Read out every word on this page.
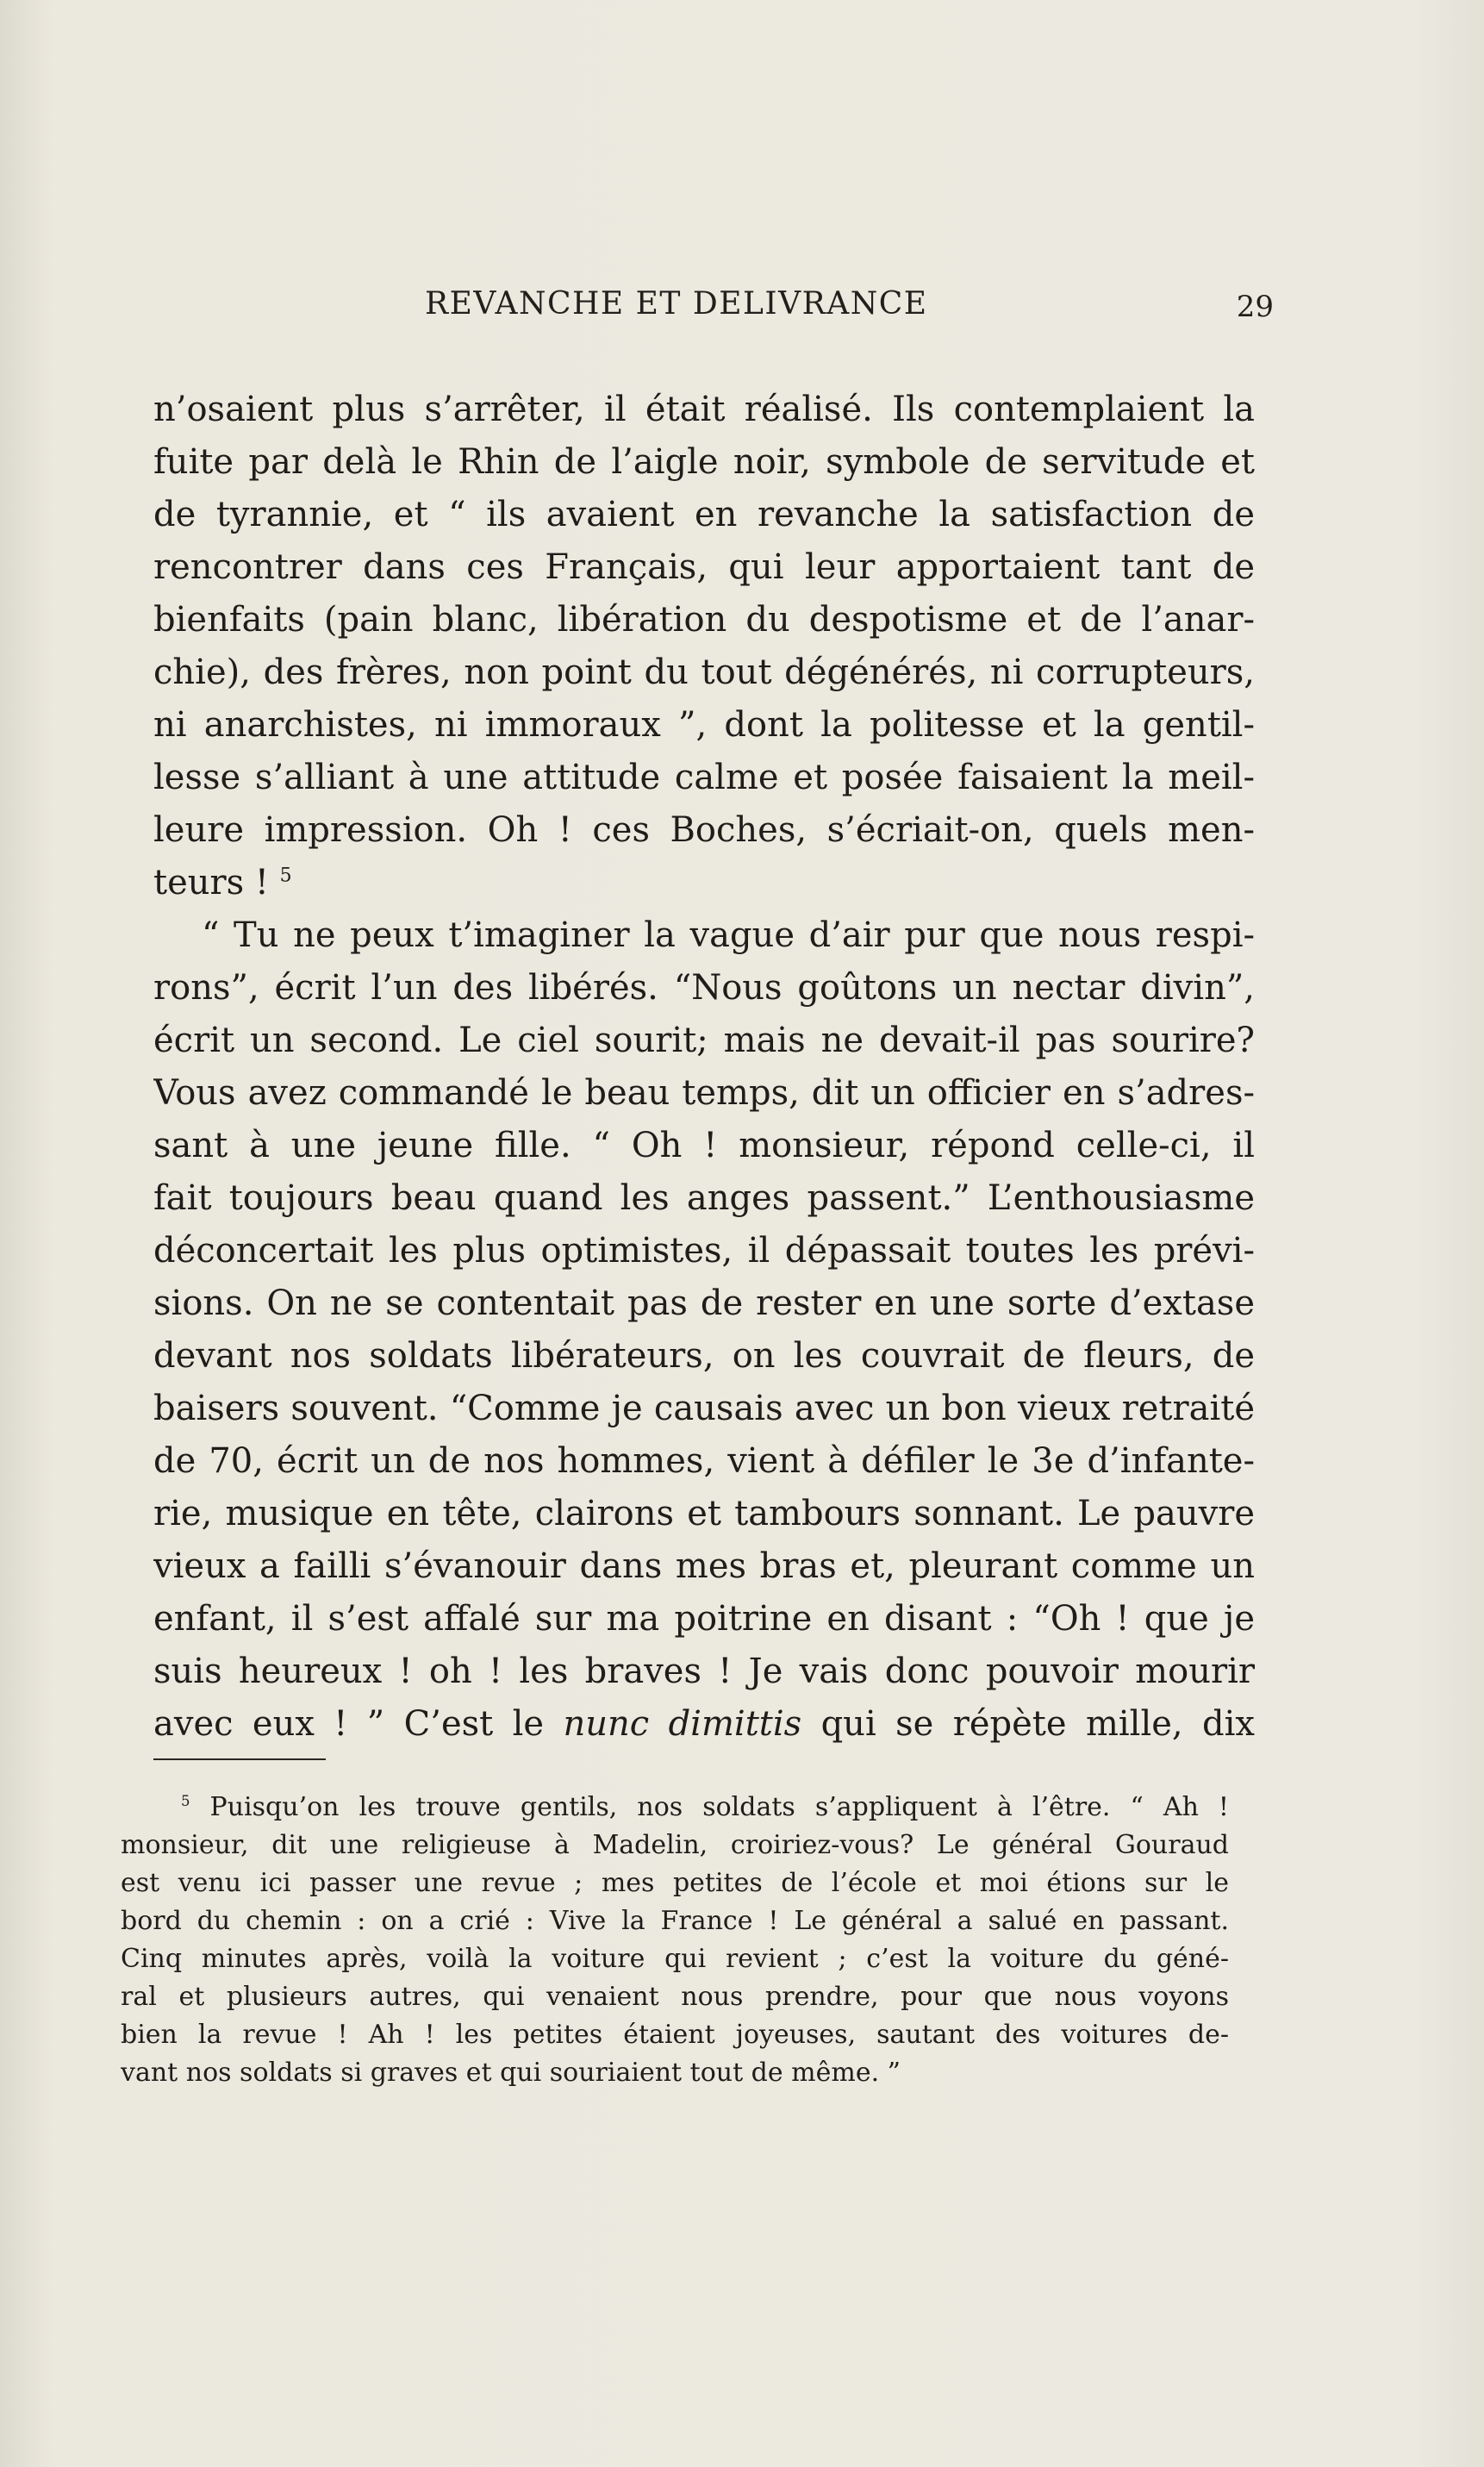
REVANCHE ET DELIVRANCE	29
n’osaient plus s’arrêter, il était réalisé. Ils contemplaient la
fuite par delà le Rhin de l’aigle noir, symbole de servitude et
de tyrannie, et “ ils avaient en revanche la satisfaction de
rencontrer dans ces Français, qui leur apportaient tant de
bienfaits (pain blanc, libération du despotisme et de l’anar-
chie), des frères, non point du tout dégénérés, ni corrupteurs,
ni anarchistes, ni immoraux ”, dont la politesse et la gentil-
lesse s’alliant à une attitude calme et posée faisaient la meil-
leure impression. Oh ! ces Boches, s’écriait-on, quels men-
teurs ! $^5$
“ Tu ne peux t’imaginer la vague d’air pur que nous respi-
rons”, écrit l’un des libérés. “Nous goûtons un nectar divin”,
écrit un second. Le ciel sourit; mais ne devait-il pas sourire?
Vous avez commandé le beau temps, dit un officier en s’adres-
sant à une jeune fille. “ Oh ! monsieur, répond celle-ci, il
fait toujours beau quand les anges passent.” L’enthousiasme
déconcertait les plus optimistes, il dépassait toutes les prévi-
sions. On ne se contentait pas de rester en une sorte d’extase
devant nos soldats libérateurs, on les couvrait de fleurs, de
baisers souvent. “Comme je causais avec un bon vieux retraité
de 70, écrit un de nos hommes, vient à défiler le 3e d’infante-
rie, musique en tête, clairons et tambours sonnant. Le pauvre
vieux a failli s’évanouir dans mes bras et, pleurant comme un
enfant, il s’est affalé sur ma poitrine en disant : “Oh ! que je
suis heureux ! oh ! les braves ! Je vais donc pouvoir mourir
avec eux ! ” C’est le nunc dimittis qui se répète mille, dix
$^5$ Puisqu’on les trouve gentils, nos soldats s’appliquent à l’être. “ Ah !
monsieur, dit une religieuse à Madelin, croiriez-vous? Le général Gouraud
est venu ici passer une revue ; mes petites de l’école et moi étions sur le
bord du chemin : on a crié : Vive la France ! Le général a salué en passant.
Cinq minutes après, voilà la voiture qui revient ; c’est la voiture du géné-
ral et plusieurs autres, qui venaient nous prendre, pour que nous voyons
bien la revue ! Ah ! les petites étaient joyeuses, sautant des voitures de-
vant nos soldats si graves et qui souriaient tout de même. ”
